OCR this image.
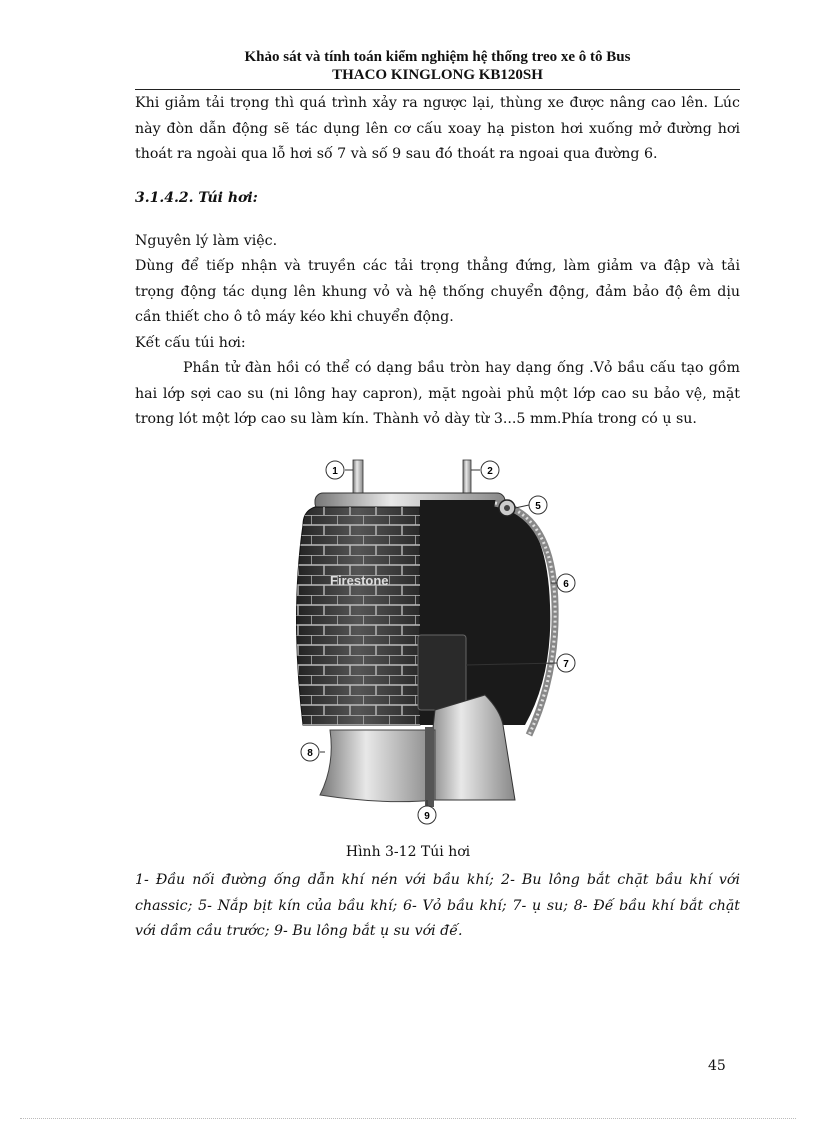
Khảo sát và tính toán kiểm nghiệm hệ thống treo xe ô tô Bus
THACO KINGLONG KB120SH

Khi giảm tải trọng thì quá trình xảy ra ngược lại, thùng xe được nâng cao lên. Lúc này đòn dẫn động sẽ tác dụng lên cơ cấu xoay hạ piston hơi xuống mở đường hơi thoát ra ngoài qua lỗ hơi số 7 và số 9 sau đó thoát ra ngoai qua đường 6.

3.1.4.2. Túi hơi:

Nguyên lý làm việc.

Dùng để tiếp nhận và truyền các tải trọng thẳng đứng, làm giảm va đập và tải trọng động tác dụng lên khung vỏ và hệ thống chuyển động, đảm bảo độ êm dịu cần thiết cho ô tô máy kéo khi chuyển động.

Kết cấu túi hơi:

Phần tử đàn hồi có thể có dạng bầu tròn hay dạng ống .Vỏ bầu cấu tạo gồm hai lớp sợi cao su (ni lông hay capron), mặt ngoài phủ một lớp cao su bảo vệ, mặt trong lót một lớp cao su làm kín. Thành vỏ dày từ 3...5 mm.Phía trong có ụ su.

Firestone
1	2
5
6
7
8
9
Hình 3-12 Túi hơi

1- Đầu nối đường ống dẫn khí nén với bầu khí; 2- Bu lông bắt chặt bầu khí với chassic; 5- Nắp bịt kín của bầu khí; 6- Vỏ bầu khí; 7- ụ su; 8- Đế bầu khí bắt chặt với dầm cầu trước; 9- Bu lông bắt ụ su với đế.

45
